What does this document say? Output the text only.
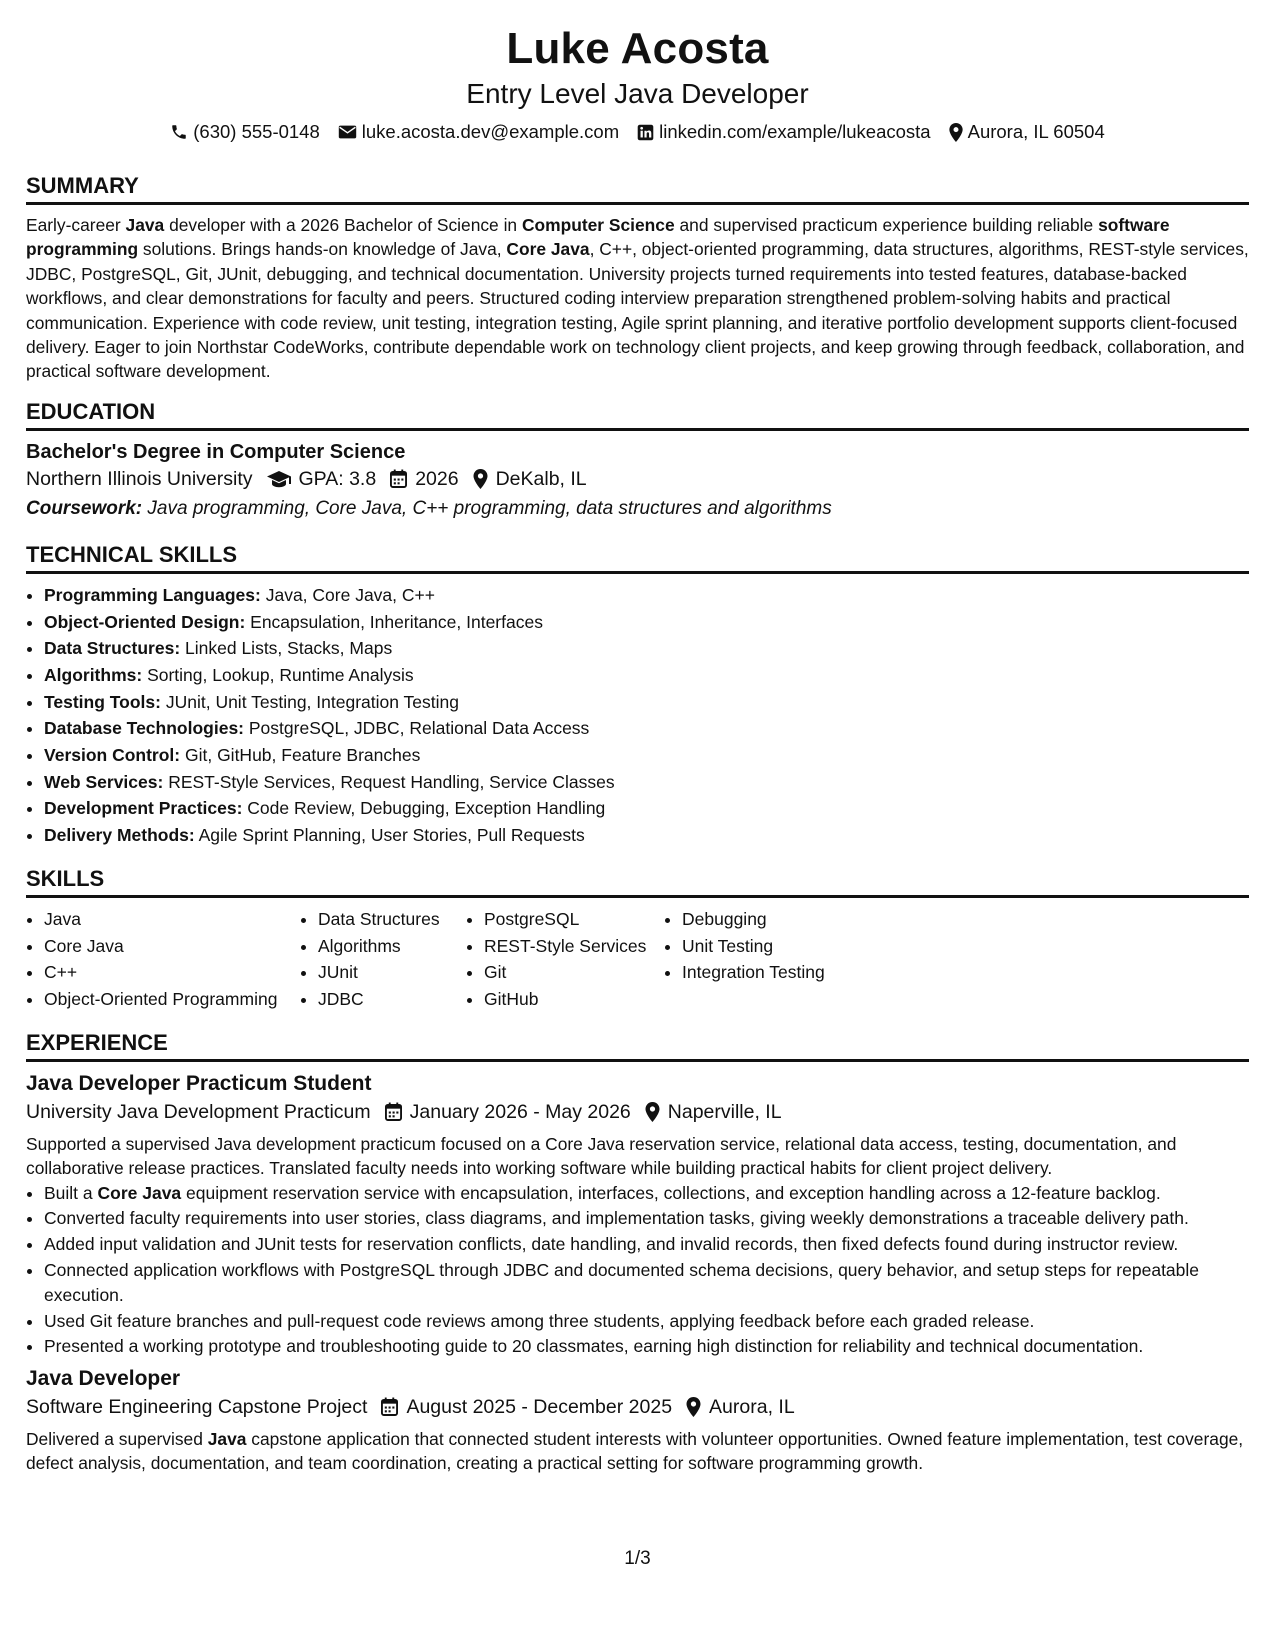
Luke Acosta
Entry Level Java Developer
(630) 555-0148 luke.acosta.dev@example.com linkedin.com/example/lukeacosta Aurora, IL 60504
SUMMARY

Early-career Java developer with a 2026 Bachelor of Science in Computer Science and supervised practicum experience building reliable software programming solutions. Brings hands-on knowledge of Java, Core Java, C++, object-oriented programming, data structures, algorithms, REST-style services, JDBC, PostgreSQL, Git, JUnit, debugging, and technical documentation. University projects turned requirements into tested features, database-backed workflows, and clear demonstrations for faculty and peers. Structured coding interview preparation strengthened problem-solving habits and practical communication. Experience with code review, unit testing, integration testing, Agile sprint planning, and iterative portfolio development supports client-focused delivery. Eager to join Northstar CodeWorks, contribute dependable work on technology client projects, and keep growing through feedback, collaboration, and practical software development.

EDUCATION
Bachelor's Degree in Computer Science
Northern Illinois University GPA: 3.8 2026 DeKalb, IL
Coursework: Java programming, Core Java, C++ programming, data structures and algorithms
TECHNICAL SKILLS
• Programming Languages: Java, Core Java, C++
• Object-Oriented Design: Encapsulation, Inheritance, Interfaces
• Data Structures: Linked Lists, Stacks, Maps
• Algorithms: Sorting, Lookup, Runtime Analysis
• Testing Tools: JUnit, Unit Testing, Integration Testing
• Database Technologies: PostgreSQL, JDBC, Relational Data Access
• Version Control: Git, GitHub, Feature Branches
• Web Services: REST-Style Services, Request Handling, Service Classes
• Development Practices: Code Review, Debugging, Exception Handling
• Delivery Methods: Agile Sprint Planning, User Stories, Pull Requests
SKILLS
• Java
• Core Java
• C++
• Object-Oriented Programming
• Data Structures
• Algorithms
• JUnit
• JDBC
• PostgreSQL
• REST-Style Services
• Git
• GitHub
• Debugging
• Unit Testing
• Integration Testing
EXPERIENCE
Java Developer Practicum Student
University Java Development Practicum January 2026 - May 2026 Naperville, IL

Supported a supervised Java development practicum focused on a Core Java reservation service, relational data access, testing, documentation, and collaborative release practices. Translated faculty needs into working software while building practical habits for client project delivery.

• Built a Core Java equipment reservation service with encapsulation, interfaces, collections, and exception handling across a 12-feature backlog.
• Converted faculty requirements into user stories, class diagrams, and implementation tasks, giving weekly demonstrations a traceable delivery path.
• Added input validation and JUnit tests for reservation conflicts, date handling, and invalid records, then fixed defects found during instructor review.
• Connected application workflows with PostgreSQL through JDBC and documented schema decisions, query behavior, and setup steps for repeatable execution.
• Used Git feature branches and pull-request code reviews among three students, applying feedback before each graded release.
• Presented a working prototype and troubleshooting guide to 20 classmates, earning high distinction for reliability and technical documentation.
Java Developer
Software Engineering Capstone Project August 2025 - December 2025 Aurora, IL

Delivered a supervised Java capstone application that connected student interests with volunteer opportunities. Owned feature implementation, test coverage, defect analysis, documentation, and team coordination, creating a practical setting for software programming growth.

1/3
